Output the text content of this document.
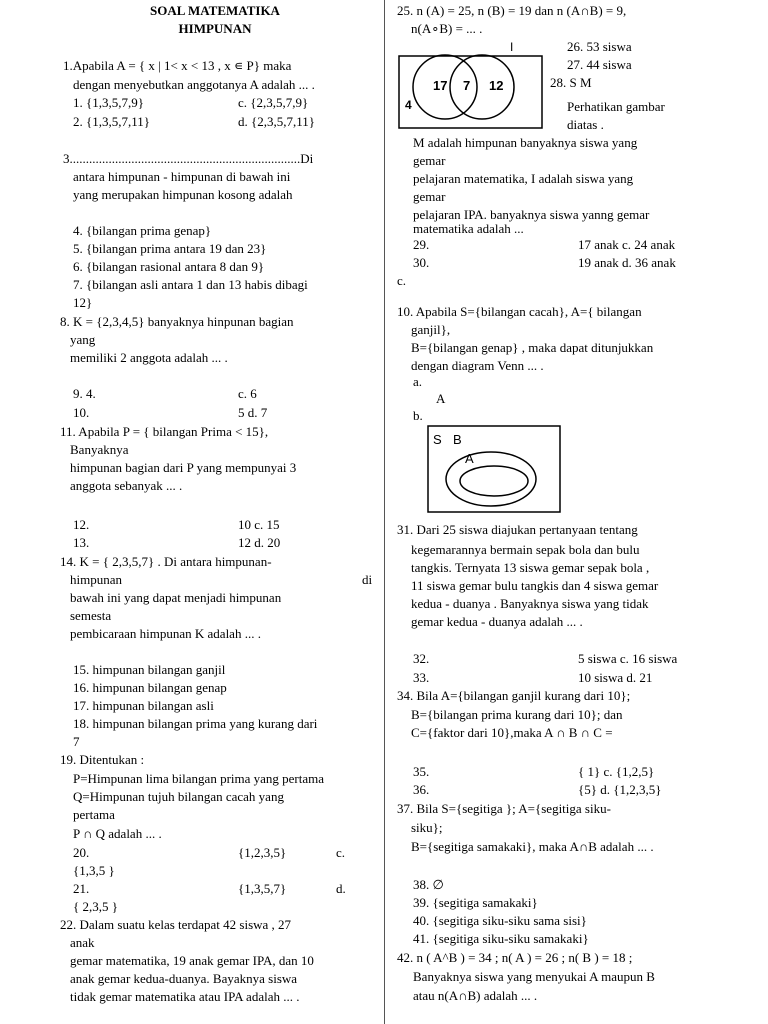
SOAL MATEMATIKA
HIMPUNAN
1.Apabila A = { x | 1< x < 13 , x ∊ P} maka
dengan menyebutkan anggotanya A adalah ... .
1. {1,3,5,7,9}	c. {2,3,5,7,9}
2. {1,3,5,7,11}	d. {2,3,5,7,11}
3.......................................................................Di
antara himpunan - himpunan di bawah ini
yang merupakan himpunan kosong adalah
4. {bilangan prima genap}
5. {bilangan prima antara 19 dan 23}
6. {bilangan rasional antara 8 dan 9}
7. {bilangan asli antara 1 dan 13 habis dibagi
12}
8. K = {2,3,4,5} banyaknya hinpunan bagian
yang
memiliki 2 anggota adalah ... .
9. 4.	c. 6
10.	5 d. 7
11. Apabila P = { bilangan Prima < 15},
Banyaknya
himpunan bagian dari P yang mempunyai 3
anggota sebanyak ... .
12.	10 c. 15
13.	12 d. 20
14. K = { 2,3,5,7} . Di antara himpunan-
himpunan	di
bawah ini yang dapat menjadi himpunan
semesta
pembicaraan himpunan K adalah ... .
15. himpunan bilangan ganjil
16. himpunan bilangan genap
17. himpunan bilangan asli
18. himpunan bilangan prima yang kurang dari
7
19. Ditentukan :
P=Himpunan lima bilangan prima yang pertama
Q=Himpunan tujuh bilangan cacah yang
pertama
P ∩ Q adalah ... .
20.	{1,2,3,5}	c.
{1,3,5 }
21.	{1,3,5,7}	d.
{ 2,3,5 }
22. Dalam suatu kelas terdapat 42 siswa , 27
anak
gemar matematika, 19 anak gemar IPA, dan 10
anak gemar kedua-duanya. Bayaknya siswa
tidak gemar matematika atau IPA adalah ... .
25. n (A) = 25, n (B) = 19 dan n (A∩B) = 9,
n(A∘B) = ... .
26. 53 siswa
27. 44 siswa
28. S M
Perhatikan gambar
diatas .
M adalah himpunan banyaknya siswa yang
gemar
pelajaran matematika, I adalah siswa yang
gemar
pelajaran IPA. banyaknya siswa yanng gemar
matematika adalah ...
29.	17 anak c. 24 anak
30.	19 anak d. 36 anak
c.
10. Apabila S={bilangan cacah}, A={ bilangan
ganjil},
B={bilangan genap} , maka dapat ditunjukkan
dengan diagram Venn ... .
a.
A
b.
31. Dari 25 siswa diajukan pertanyaan tentang
kegemarannya bermain sepak bola dan bulu
tangkis. Ternyata 13 siswa gemar sepak bola ,
11 siswa gemar bulu tangkis dan 4 siswa gemar
kedua - duanya . Banyaknya siswa yang tidak
gemar kedua - duanya adalah ... .
32.	5 siswa c. 16 siswa
33.	10 siswa d. 21
34. Bila A={bilangan ganjil kurang dari 10};
B={bilangan prima kurang dari 10}; dan
C={faktor dari 10},maka A ∩ B ∩ C =
35.	{ 1} c. {1,2,5}
36.	{5} d. {1,2,3,5}
37. Bila S={segitiga }; A={segitiga siku-
siku};
B={segitiga samakaki}, maka A∩B adalah ... .
38. ∅
39. {segitiga samakaki}
40. {segitiga siku-siku sama sisi}
41. {segitiga siku-siku samakaki}
42. n ( A^B ) = 34 ; n( A ) = 26 ; n( B ) = 18 ;
Banyaknya siswa yang menyukai A maupun B
atau n(A∩B) adalah ... .
I
17 7 12
4
S B
A
